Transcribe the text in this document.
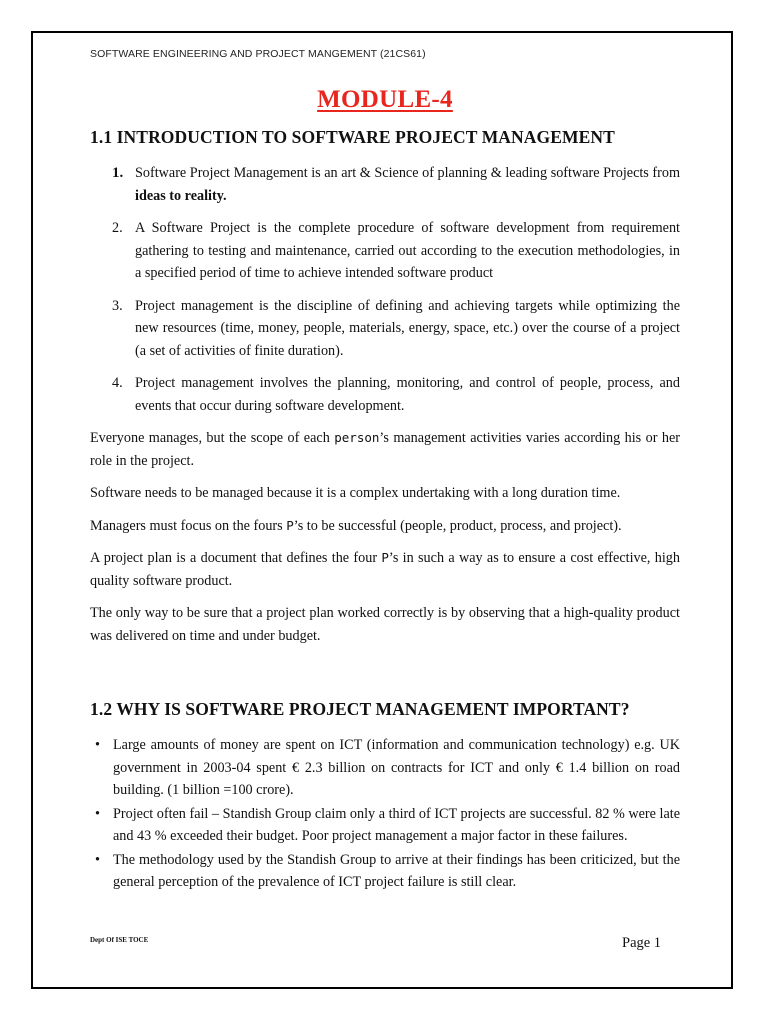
SOFTWARE ENGINEERING AND PROJECT MANGEMENT (21CS61)

MODULE-4
1.1 INTRODUCTION TO SOFTWARE PROJECT MANAGEMENT
1. Software Project Management is an art & Science of planning & leading software Projects from ideas to reality.
2. A Software Project is the complete procedure of software development from requirement gathering to testing and maintenance, carried out according to the execution methodologies, in a specified period of time to achieve intended software product
3. Project management is the discipline of defining and achieving targets while optimizing the new resources (time, money, people, materials, energy, space, etc.) over the course of a project (a set of activities of finite duration).
4. Project management involves the planning, monitoring, and control of people, process, and events that occur during software development.

Everyone manages, but the scope of each person’s management activities varies according his or her role in the project.

Software needs to be managed because it is a complex undertaking with a long duration time.

Managers must focus on the fours P’s to be successful (people, product, process, and project).

A project plan is a document that defines the four P’s in such a way as to ensure a cost effective, high quality software product.

The only way to be sure that a project plan worked correctly is by observing that a high-quality product was delivered on time and under budget.

1.2 WHY IS SOFTWARE PROJECT MANAGEMENT IMPORTANT?
• Large amounts of money are spent on ICT (information and communication technology) e.g. UK government in 2003-04 spent € 2.3 billion on contracts for ICT and only € 1.4 billion on road building. (1 billion =100 crore).
• Project often fail – Standish Group claim only a third of ICT projects are successful. 82 % were late and 43 % exceeded their budget. Poor project management a major factor in these failures.
• The methodology used by the Standish Group to arrive at their findings has been criticized, but the general perception of the prevalence of ICT project failure is still clear.
Dept Of ISE TOCE	Page 1
